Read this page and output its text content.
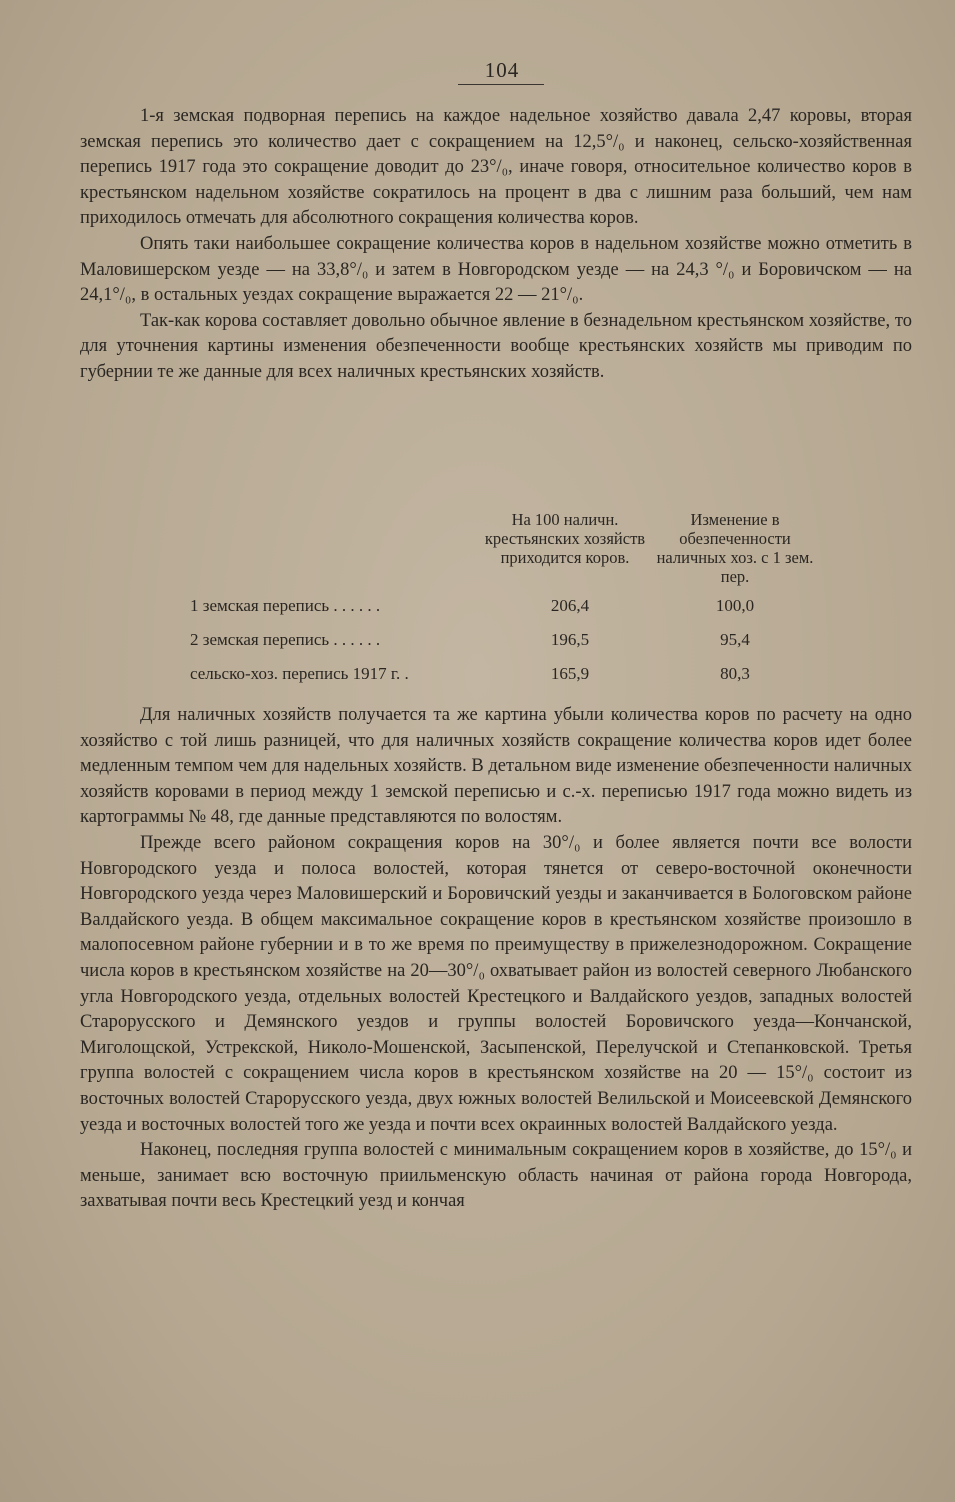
104

1-я земская подворная перепись на каждое надельное хозяйство давала 2,47 коровы, вторая земская перепись это количество дает с сокращением на 12,5°/₀ и наконец, сельско-хозяйственная перепись 1917 года это сокращение доводит до 23°/₀, иначе говоря, относительное количество коров в крестьянском надельном хозяйстве сократилось на процент в два с лишним раза больший, чем нам приходилось отмечать для абсолютного сокращения количества коров.

Опять таки наибольшее сокращение количества коров в надельном хозяйстве можно отметить в Маловишерском уезде — на 33,8°/₀ и затем в Новгородском уезде — на 24,3 °/₀ и Боровичском — на 24,1°/₀, в остальных уездах сокращение выражается 22 — 21°/₀.

Так-как корова составляет довольно обычное явление в безнадельном крестьянском хозяйстве, то для уточнения картины изменения обезпеченности вообще крестьянских хозяйств мы приводим по губернии те же данные для всех наличных крестьянских хозяйств.

На 100 наличн. крестьянских хозяйств приходится коров.
Изменение в обезпеченности наличных хоз. с 1 зем. пер.
1 земская перепись . . . . . .	206,4	100,0
2 земская перепись . . . . . .	196,5	95,4
сельско-хоз. перепись 1917 г. .	165,9	80,3

Для наличных хозяйств получается та же картина убыли количества коров по расчету на одно хозяйство с той лишь разницей, что для наличных хозяйств сокращение количества коров идет более медленным темпом чем для надельных хозяйств. В детальном виде изменение обезпеченности наличных хозяйств коровами в период между 1 земской переписью и с.-х. переписью 1917 года можно видеть из картограммы № 48, где данные представляются по волостям.

Прежде всего районом сокращения коров на 30°/₀ и более является почти все волости Новгородского уезда и полоса волостей, которая тянется от северо-восточной оконечности Новгородского уезда через Маловишерский и Боровичский уезды и заканчивается в Бологовском районе Валдайского уезда. В общем максимальное сокращение коров в крестьянском хозяйстве произошло в малопосевном районе губернии и в то же время по преимуществу в прижелезнодорожном. Сокращение числа коров в крестьянском хозяйстве на 20—30°/₀ охватывает район из волостей северного Любанского угла Новгородского уезда, отдельных волостей Крестецкого и Валдайского уездов, западных волостей Старорусского и Демянского уездов и группы волостей Боровичского уезда—Кончанской, Миголощской, Устрекской, Николо-Мошенской, Засыпенской, Перелучской и Степанковской. Третья группа волостей с сокращением числа коров в крестьянском хозяйстве на 20 — 15°/₀ состоит из восточных волостей Старорусского уезда, двух южных волостей Велильской и Моисеевской Демянского уезда и восточных волостей того же уезда и почти всех окраинных волостей Валдайского уезда.

Наконец, последняя группа волостей с минимальным сокращением коров в хозяйстве, до 15°/₀ и меньше, занимает всю восточную приильменскую область начиная от района города Новгорода, захватывая почти весь Крестецкий уезд и кончая
